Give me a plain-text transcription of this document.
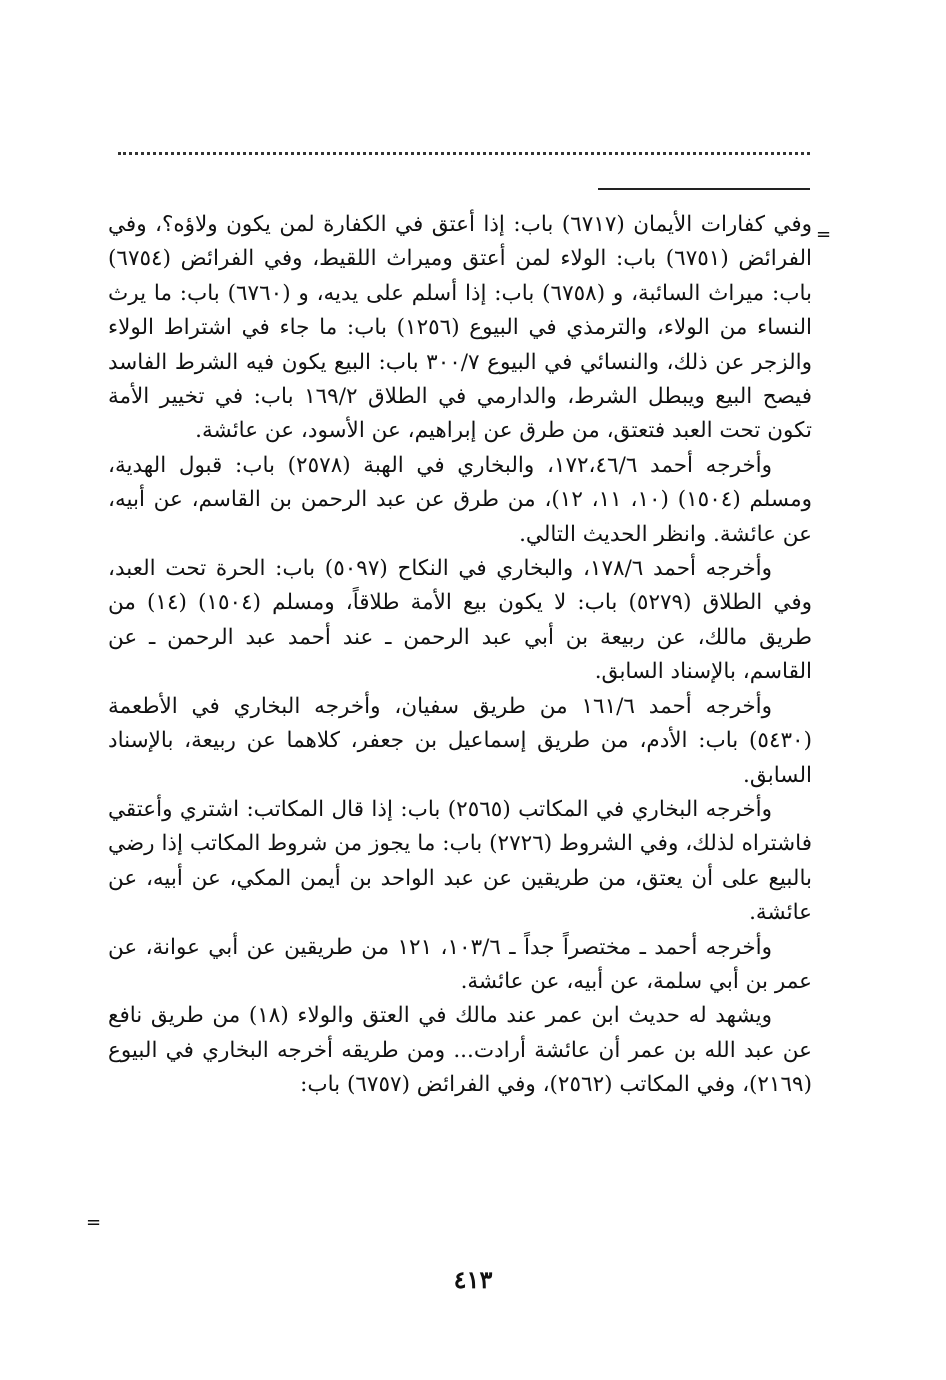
=

وفي كفارات الأيمان (٦٧١٧) باب: إذا أعتق في الكفارة لمن يكون ولاؤه؟، وفي الفرائض (٦٧٥١) باب: الولاء لمن أعتق وميراث اللقيط، وفي الفرائض (٦٧٥٤) باب: ميراث السائبة، و (٦٧٥٨) باب: إذا أسلم على يديه، و (٦٧٦٠) باب: ما يرث النساء من الولاء، والترمذي في البيوع (١٢٥٦) باب: ما جاء في اشتراط الولاء والزجر عن ذلك، والنسائي في البيوع ٣٠٠/٧ باب: البيع يكون فيه الشرط الفاسد فيصح البيع ويبطل الشرط، والدارمي في الطلاق ١٦٩/٢ باب: في تخيير الأمة تكون تحت العبد فتعتق، من طرق عن إبراهيم، عن الأسود، عن عائشة.

وأخرجه أحمد ١٧٢،٤٦/٦، والبخاري في الهبة (٢٥٧٨) باب: قبول الهدية، ومسلم (١٥٠٤) (١٠، ١١، ١٢)، من طرق عن عبد الرحمن بن القاسم، عن أبيه، عن عائشة. وانظر الحديث التالي.

وأخرجه أحمد ١٧٨/٦، والبخاري في النكاح (٥٠٩٧) باب: الحرة تحت العبد، وفي الطلاق (٥٢٧٩) باب: لا يكون بيع الأمة طلاقاً، ومسلم (١٥٠٤) (١٤) من طريق مالك، عن ربيعة بن أبي عبد الرحمن ـ عند أحمد عبد الرحمن ـ عن القاسم، بالإسناد السابق.

وأخرجه أحمد ١٦١/٦ من طريق سفيان، وأخرجه البخاري في الأطعمة (٥٤٣٠) باب: الأدم، من طريق إسماعيل بن جعفر، كلاهما عن ربيعة، بالإسناد السابق.

وأخرجه البخاري في المكاتب (٢٥٦٥) باب: إذا قال المكاتب: اشتري وأعتقي فاشتراه لذلك، وفي الشروط (٢٧٢٦) باب: ما يجوز من شروط المكاتب إذا رضي بالبيع على أن يعتق، من طريقين عن عبد الواحد بن أيمن المكي، عن أبيه، عن عائشة.

وأخرجه أحمد ـ مختصراً جداً ـ ١٠٣/٦، ١٢١ من طريقين عن أبي عوانة، عن عمر بن أبي سلمة، عن أبيه، عن عائشة.

ويشهد له حديث ابن عمر عند مالك في العتق والولاء (١٨) من طريق نافع عن عبد الله بن عمر أن عائشة أرادت... ومن طريقه أخرجه البخاري في البيوع (٢١٦٩)، وفي المكاتب (٢٥٦٢)، وفي الفرائض (٦٧٥٧) باب:

=
٤١٣
